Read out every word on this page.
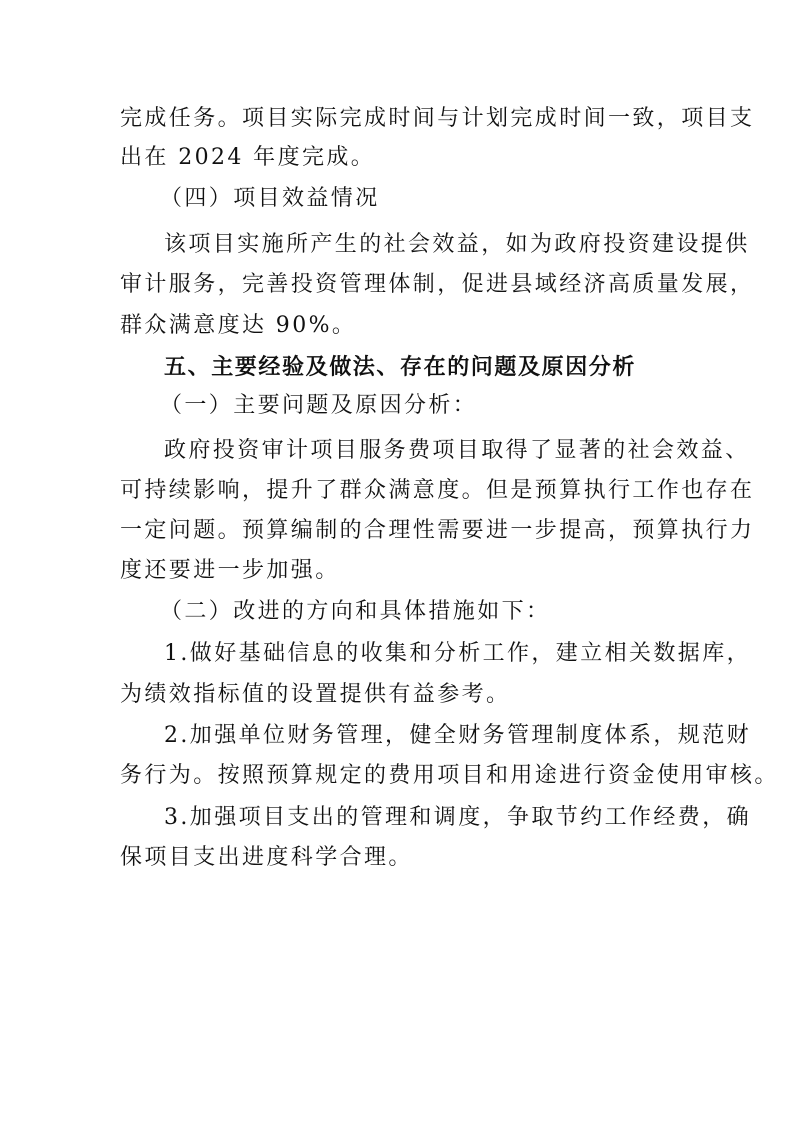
完成任务。项目实际完成时间与计划完成时间一致，项目支
出在 2024 年度完成。
（四）项目效益情况
该项目实施所产生的社会效益，如为政府投资建设提供
审计服务，完善投资管理体制，促进县域经济高质量发展，
群众满意度达 90%。
五、主要经验及做法、存在的问题及原因分析
（一）主要问题及原因分析：
政府投资审计项目服务费项目取得了显著的社会效益、
可持续影响，提升了群众满意度。但是预算执行工作也存在
一定问题。预算编制的合理性需要进一步提高，预算执行力
度还要进一步加强。
（二）改进的方向和具体措施如下：
1.做好基础信息的收集和分析工作，建立相关数据库，
为绩效指标值的设置提供有益参考。
2.加强单位财务管理，健全财务管理制度体系，规范财
务行为。按照预算规定的费用项目和用途进行资金使用审核。
3.加强项目支出的管理和调度，争取节约工作经费，确
保项目支出进度科学合理。
